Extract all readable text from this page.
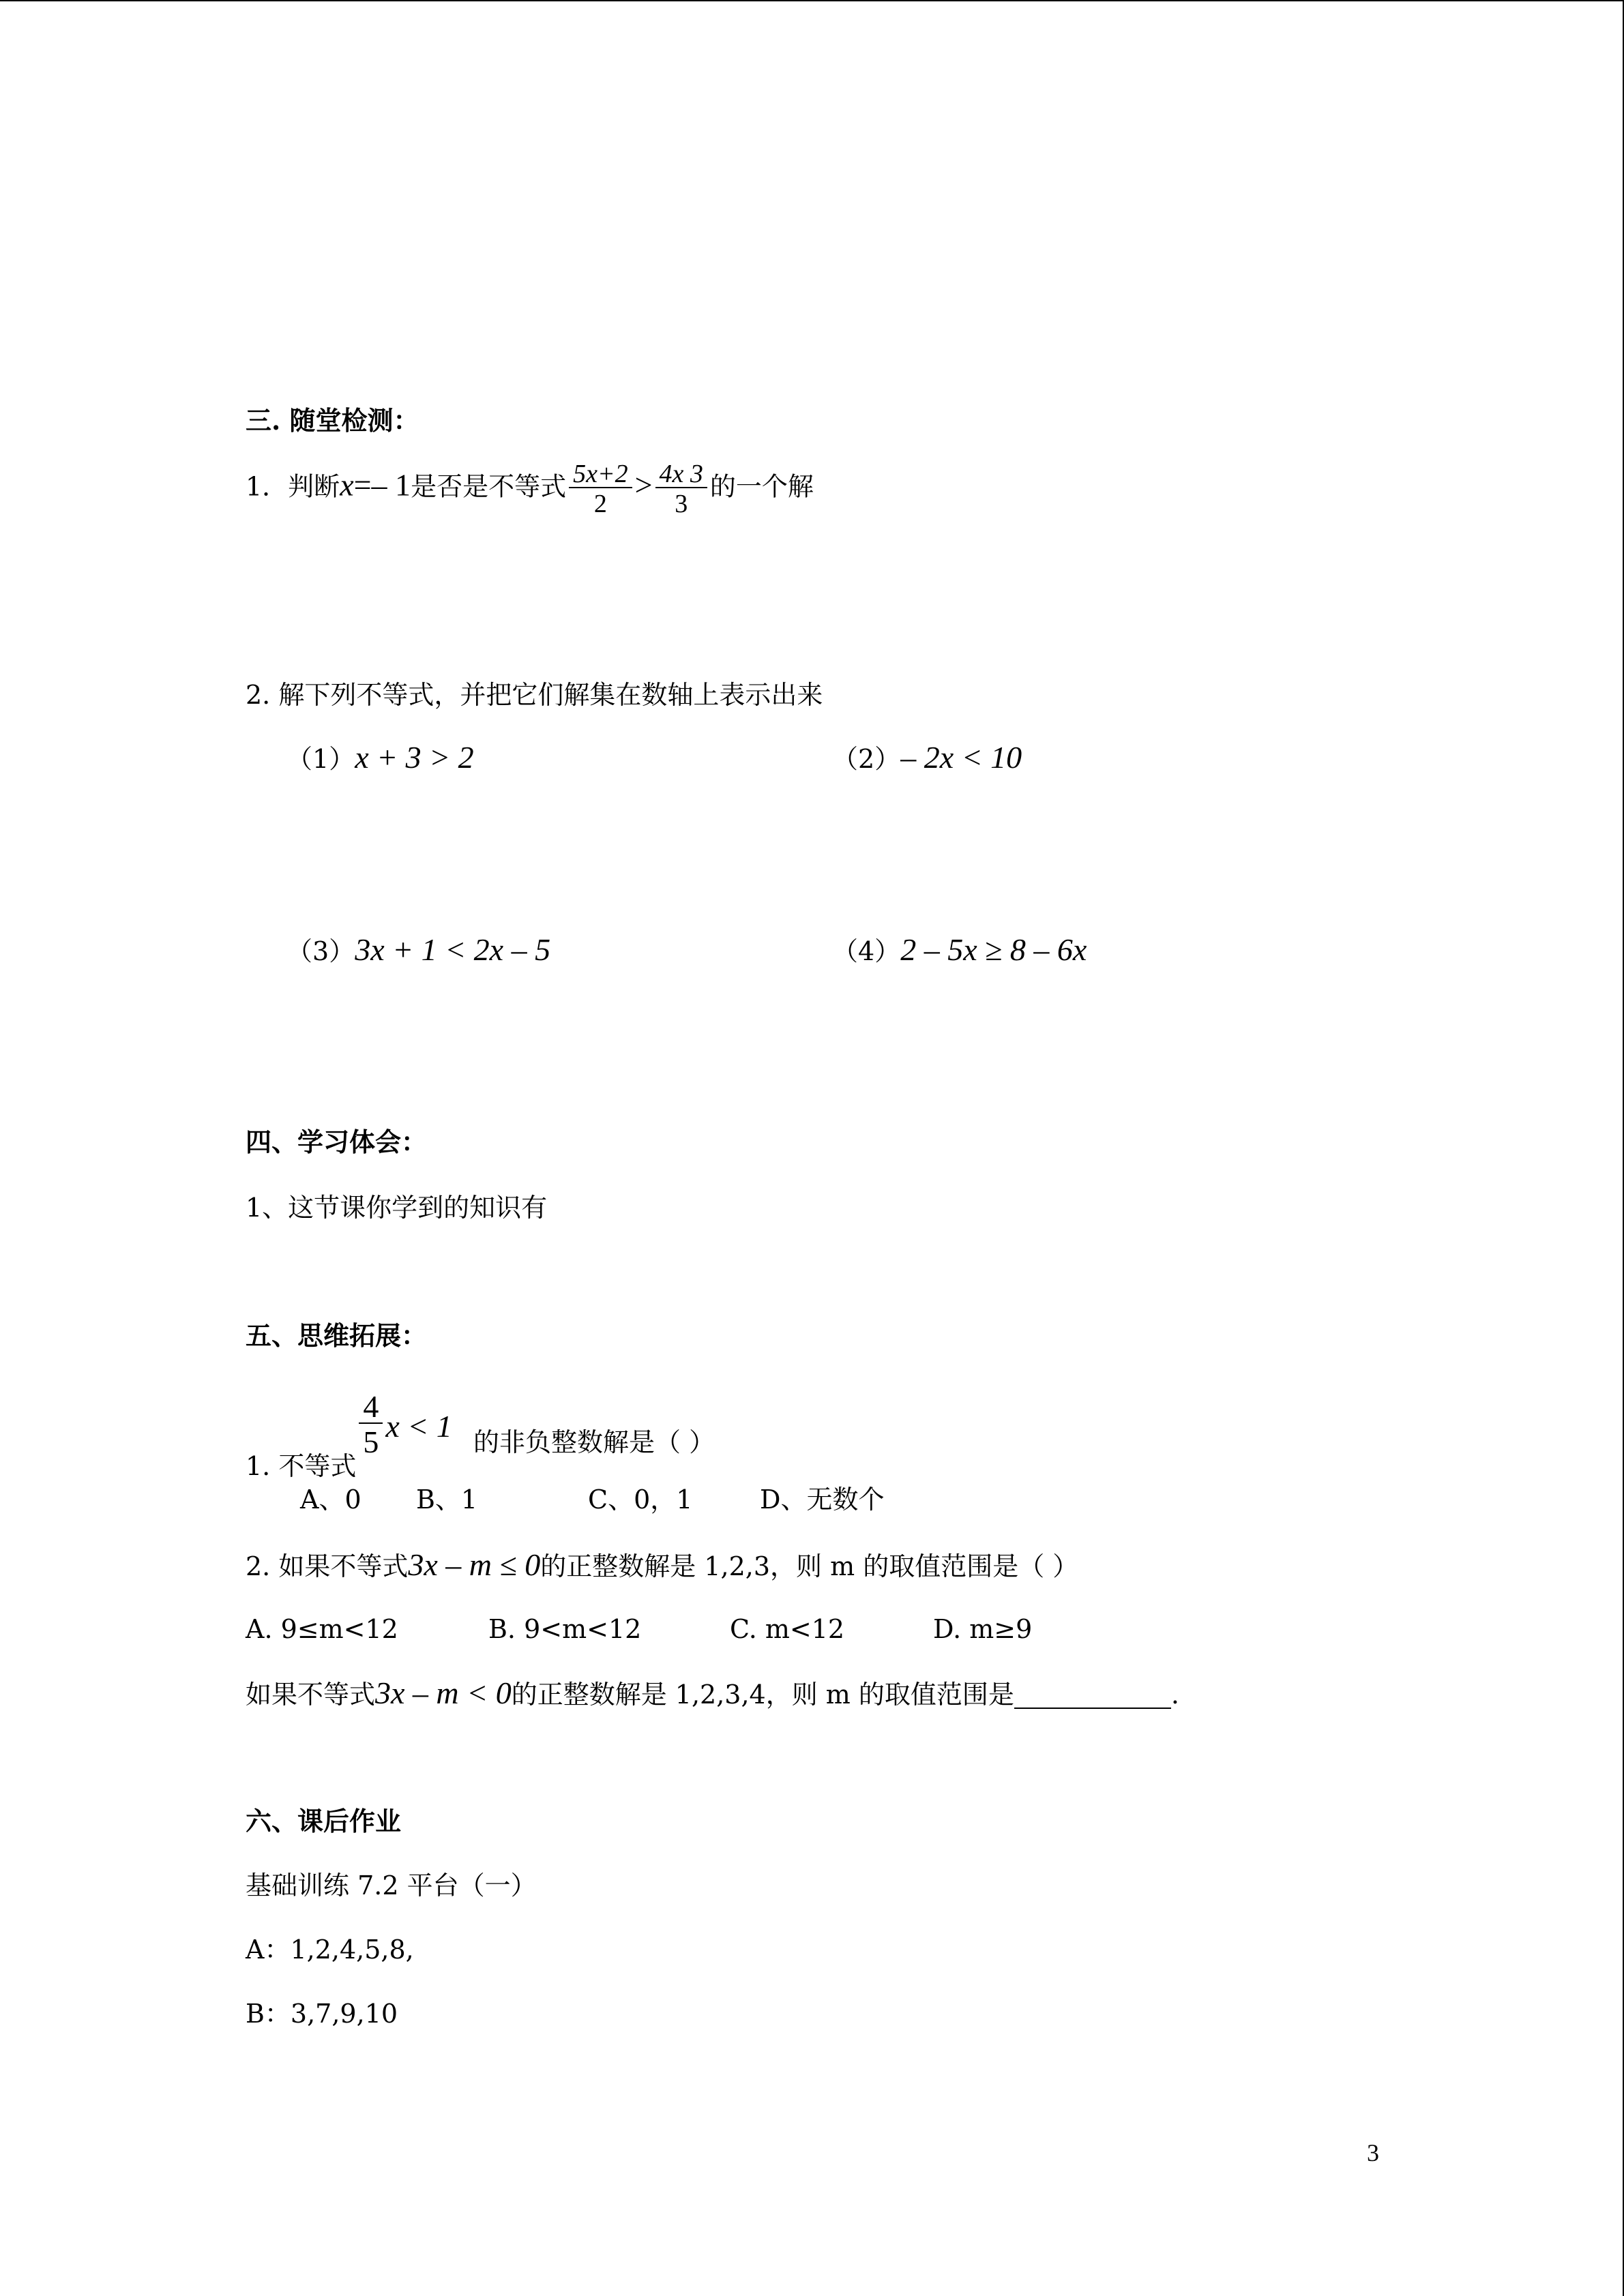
三. 随堂检测：
1．判断x=– 1是否是不等式 $\frac{5x+2}{2} > \frac{4x 3}{3}$ 的一个解
2. 解下列不等式，并把它们解集在数轴上表示出来
（1）x + 3 > 2	（2）– 2x < 10
（3）3x + 1 < 2x – 5	（4）2 – 5x ≥ 8 – 6x
四、学习体会：
1、这节课你学到的知识有
五、思维拓展：
1. 不等式
$\frac{4}{5}$ x < 1 的非负整数解是（ ）
A、0 B、1	C、0，1	D、无数个
2. 如果不等式3x – m ≤ 0的正整数解是 1,2,3，则 m 的取值范围是（ ）
A. 9≤m<12	B. 9<m<12	C. m<12	D. m≥9
如果不等式3x – m < 0的正整数解是 1,2,3,4，则 m 的取值范围是	.
六、课后作业
基础训练 7.2 平台（一）
A：1,2,4,5,8,
B：3,7,9,10
3
